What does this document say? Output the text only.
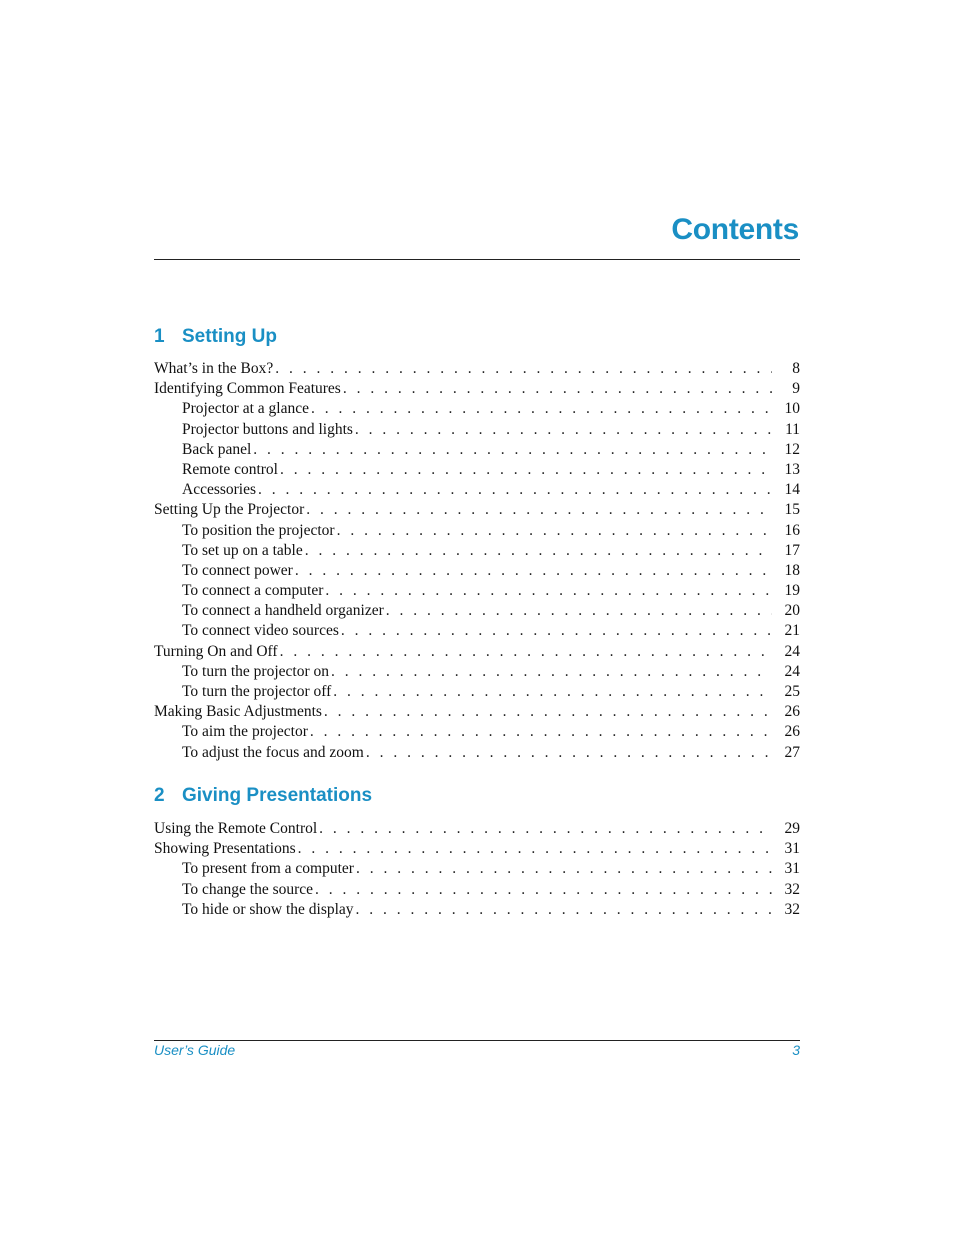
Contents
1 Setting Up
What’s in the Box? . . .	8
Identifying Common Features . . .	9
Projector at a glance . . .	10
Projector buttons and lights . . .	11
Back panel . . .	12
Remote control . . .	13
Accessories . . .	14
Setting Up the Projector . . .	15
To position the projector . . .	16
To set up on a table . . .	17
To connect power . . .	18
To connect a computer . . .	19
To connect a handheld organizer . . .	20
To connect video sources . . .	21
Turning On and Off . . .	24
To turn the projector on . . .	24
To turn the projector off . . .	25
Making Basic Adjustments . . .	26
To aim the projector . . .	26
To adjust the focus and zoom . . .	27
2 Giving Presentations
Using the Remote Control . . .	29
Showing Presentations . . .	31
To present from a computer . . .	31
To change the source . . .	32
To hide or show the display . . .	32
User’s Guide	3
